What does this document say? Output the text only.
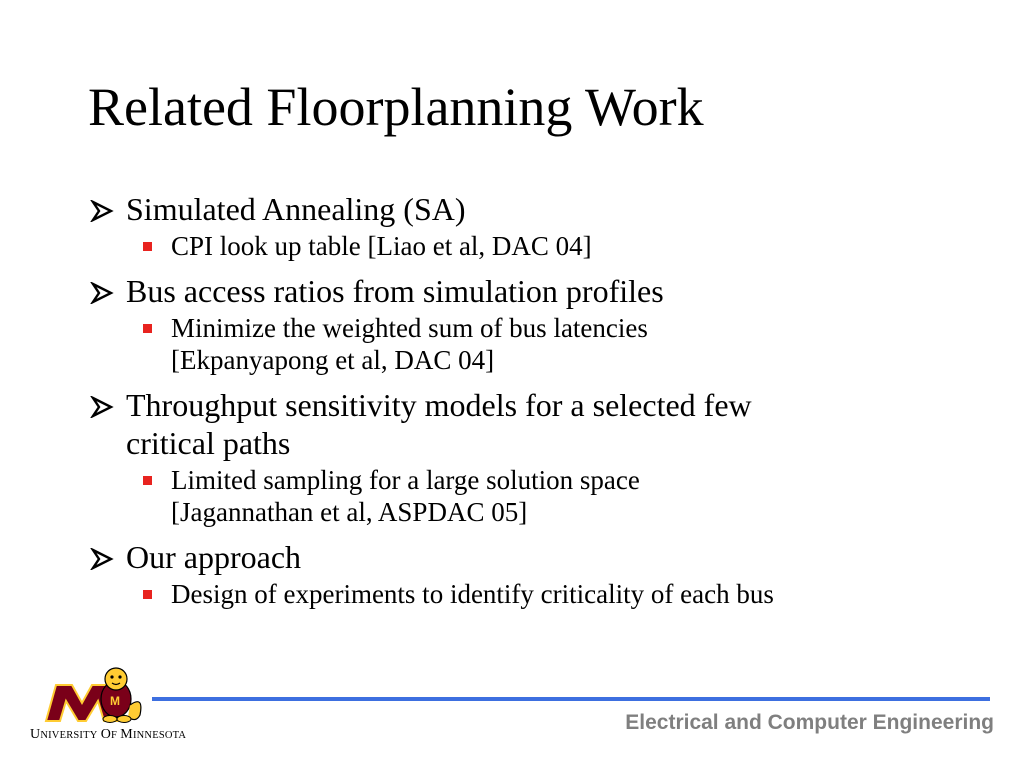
Related Floorplanning Work
Simulated Annealing (SA)
CPI look up table [Liao et al, DAC 04]
Bus access ratios from simulation profiles
Minimize the weighted sum of bus latencies
[Ekpanyapong et al, DAC 04]
Throughput sensitivity models for a selected few
critical paths
Limited sampling for a large solution space
[Jagannathan et al, ASPDAC 05]
Our approach
Design of experiments to identify criticality of each bus
M
UNIVERSITY OF MINNESOTA
Electrical and Computer Engineering
